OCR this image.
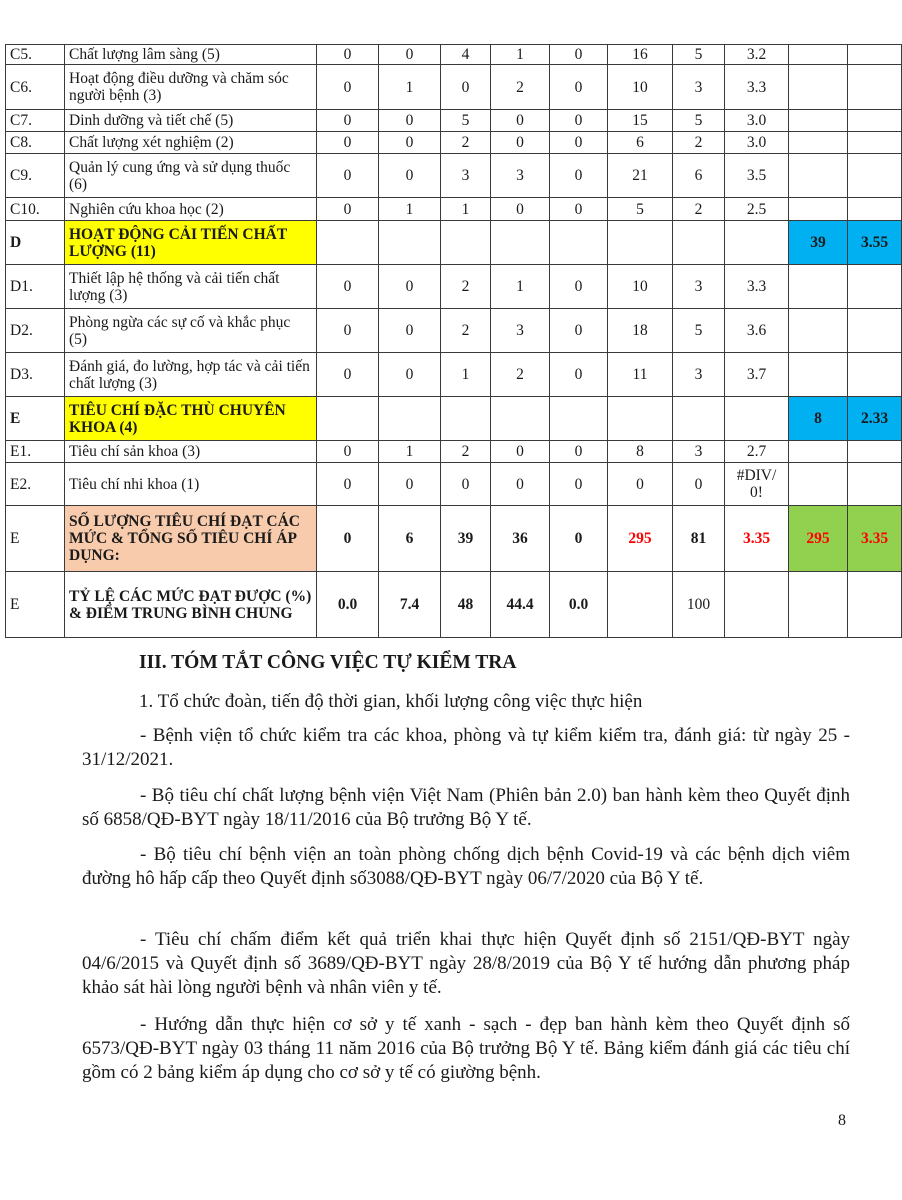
C5.	Chất lượng lâm sàng (5)	0	0	4	1	0	16	5	3.2		
C6.	Hoạt động điều dưỡng và chăm sóc người bệnh (3)	0	1	0	2	0	10	3	3.3		
C7.	Dinh dưỡng và tiết chế (5)	0	0	5	0	0	15	5	3.0		
C8.	Chất lượng xét nghiệm (2)	0	0	2	0	0	6	2	3.0		
C9.	Quản lý cung ứng và sử dụng thuốc (6)	0	0	3	3	0	21	6	3.5		
C10.	Nghiên cứu khoa học (2)	0	1	1	0	0	5	2	2.5		
D	HOẠT ĐỘNG CẢI TIẾN CHẤT LƯỢNG (11)									39	3.55
D1.	Thiết lập hệ thống và cải tiến chất lượng (3)	0	0	2	1	0	10	3	3.3		
D2.	Phòng ngừa các sự cố và khắc phục (5)	0	0	2	3	0	18	5	3.6		
D3.	Đánh giá, đo lường, hợp tác và cải tiến chất lượng (3)	0	0	1	2	0	11	3	3.7		
E	TIÊU CHÍ ĐẶC THÙ CHUYÊN KHOA (4)									8	2.33
E1.	Tiêu chí sản khoa (3)	0	1	2	0	0	8	3	2.7		
E2.	Tiêu chí nhi khoa (1)	0	0	0	0	0	0	0	#DIV/ 0!		
E	SỐ LƯỢNG TIÊU CHÍ ĐẠT CÁC MỨC & TỔNG SỐ TIÊU CHÍ ÁP DỤNG:	0	6	39	36	0	295	81	3.35	295	3.35
E	TỶ LỆ CÁC MỨC ĐẠT ĐƯỢC (%) & ĐIỂM TRUNG BÌNH CHUNG	0.0	7.4	48	44.4	0.0		100			
III. TÓM TẮT CÔNG VIỆC TỰ KIỂM TRA

1. Tổ chức đoàn, tiến độ thời gian, khối lượng công việc thực hiện

- Bệnh viện tổ chức kiểm tra các khoa, phòng và tự kiểm kiểm tra, đánh giá: từ ngày 25 - 31/12/2021.

- Bộ tiêu chí chất lượng bệnh viện Việt Nam (Phiên bản 2.0) ban hành kèm theo Quyết định số 6858/QĐ-BYT ngày 18/11/2016 của Bộ trưởng Bộ Y tế.

- Bộ tiêu chí bệnh viện an toàn phòng chống dịch bệnh Covid-19 và các bệnh dịch viêm đường hô hấp cấp theo Quyết định số3088/QĐ-BYT ngày 06/7/2020 của Bộ Y tế.

- Tiêu chí chấm điểm kết quả triển khai thực hiện Quyết định số 2151/QĐ-BYT ngày 04/6/2015 và Quyết định số 3689/QĐ-BYT ngày 28/8/2019 của Bộ Y tế hướng dẫn phương pháp khảo sát hài lòng người bệnh và nhân viên y tế.

- Hướng dẫn thực hiện cơ sở y tế xanh - sạch - đẹp ban hành kèm theo Quyết định số 6573/QĐ-BYT ngày 03 tháng 11 năm 2016 của Bộ trưởng Bộ Y tế. Bảng kiểm đánh giá các tiêu chí gồm có 2 bảng kiểm áp dụng cho cơ sở y tế có giường bệnh.

8
